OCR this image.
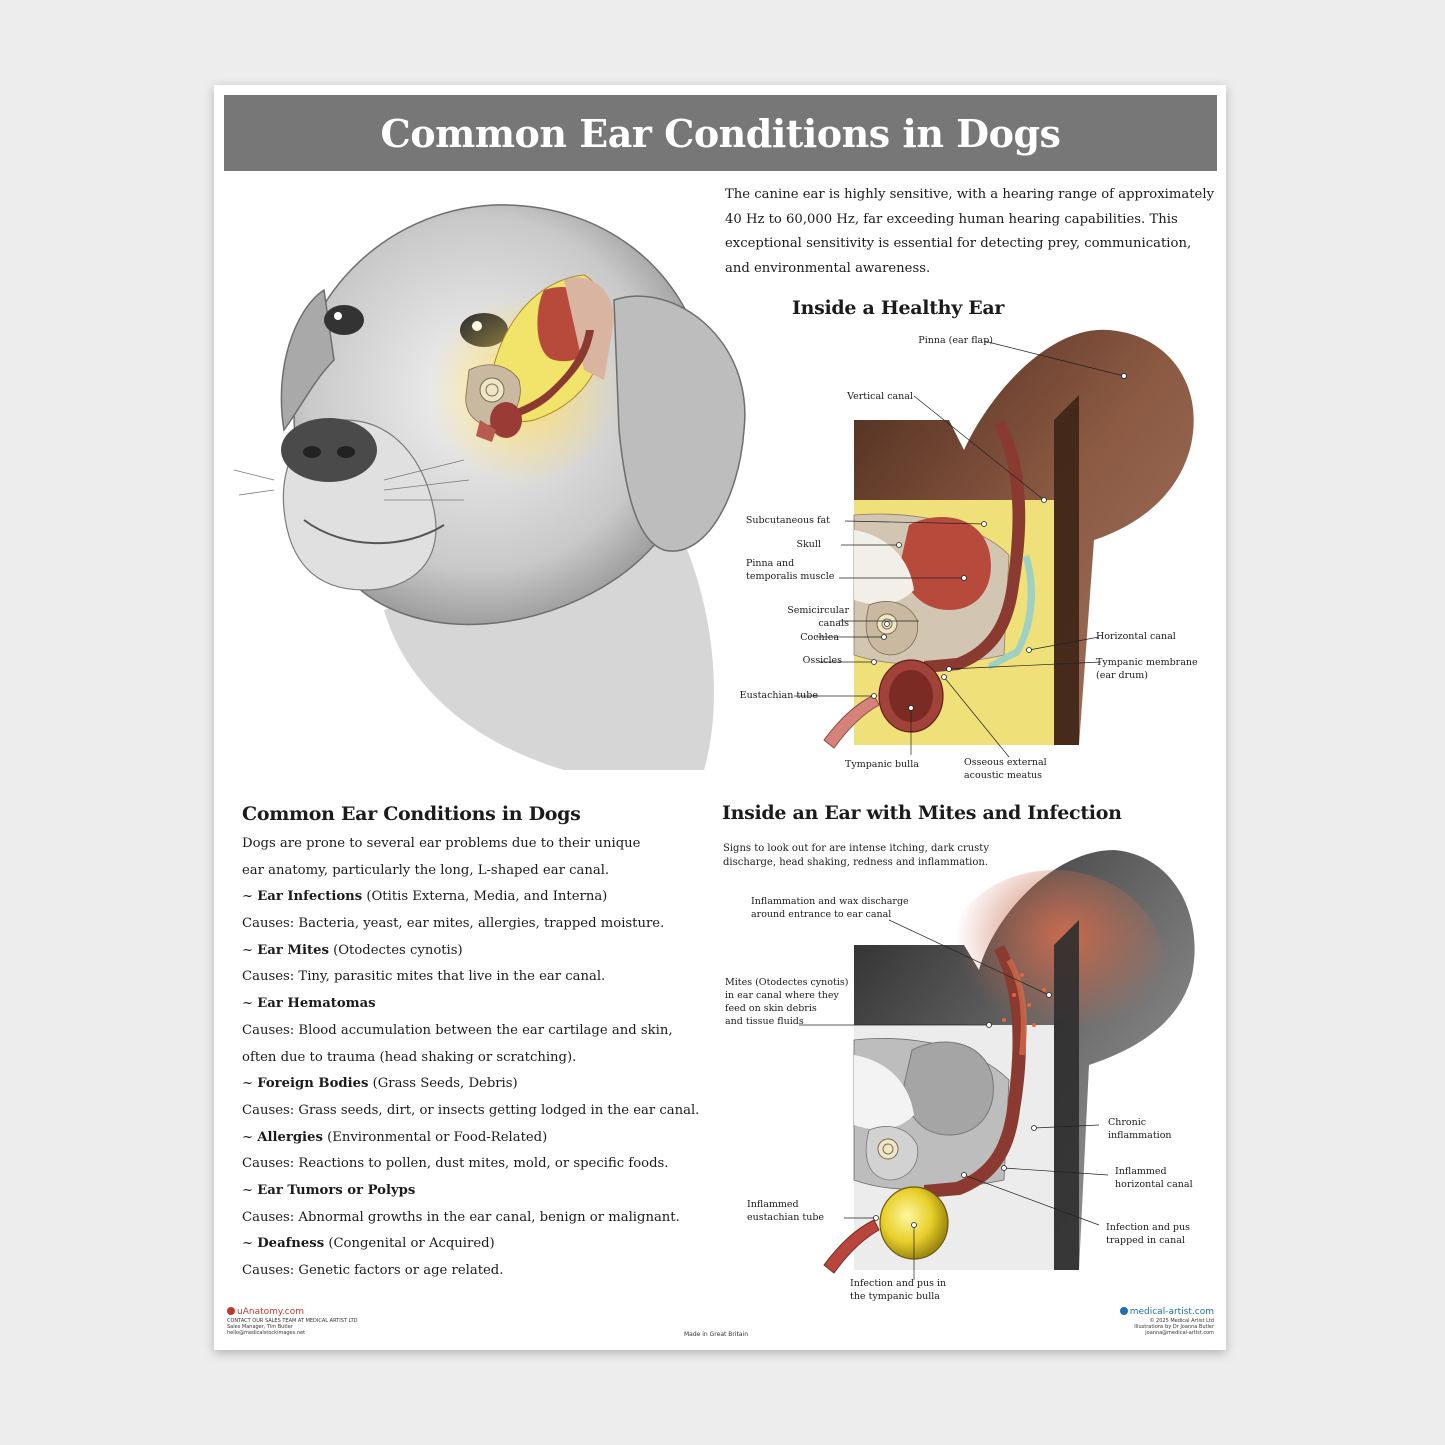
Common Ear Conditions in Dogs

The canine ear is highly sensitive, with a hearing range of approximately 40 Hz to 60,000 Hz, far exceeding human hearing capabilities. This exceptional sensitivity is essential for detecting prey, communication, and environmental awareness.

Inside a Healthy Ear
Pinna (ear flap)
Vertical canal
Subcutaneous fat
Skull
Pinna and
temporalis muscle
Semicircular
canals
Cochlea
Ossicles
Eustachian tube
Tympanic bulla	Osseous external
acoustic meatus
Horizontal canal
Tympanic membrane
(ear drum)
Common Ear Conditions in Dogs
Dogs are prone to several ear problems due to their unique
ear anatomy, particularly the long, L-shaped ear canal.
~ Ear Infections (Otitis Externa, Media, and Interna)
Causes: Bacteria, yeast, ear mites, allergies, trapped moisture.
~ Ear Mites (Otodectes cynotis)
Causes: Tiny, parasitic mites that live in the ear canal.
~ Ear Hematomas
Causes: Blood accumulation between the ear cartilage and skin,
often due to trauma (head shaking or scratching).
~ Foreign Bodies (Grass Seeds, Debris)
Causes: Grass seeds, dirt, or insects getting lodged in the ear canal.
~ Allergies (Environmental or Food-Related)
Causes: Reactions to pollen, dust mites, mold, or specific foods.
~ Ear Tumors or Polyps
Causes: Abnormal growths in the ear canal, benign or malignant.
~ Deafness (Congenital or Acquired)
Causes: Genetic factors or age related.
Inside an Ear with Mites and Infection
Signs to look out for are intense itching, dark crusty
discharge, head shaking, redness and inflammation.
Inflammation and wax discharge
around entrance to ear canal
Mites (Otodectes cynotis)
in ear canal where they
feed on skin debris
and tissue fluids
Chronic
inflammation
Inflammed
horizontal canal
Inflammed
eustachian tube
Infection and pus
trapped in canal
Infection and pus in
the tympanic bulla
uAnatomy.com
CONTACT OUR SALES TEAM AT MEDICAL ARTIST LTD
Sales Manager, Tim Butler
hello@medicalstockimages.net	Made in Great Britain
medical-artist.com
© 2025 Medical Artist Ltd
Illustrations by Dr Joanna Butler
joanna@medical-artist.com
